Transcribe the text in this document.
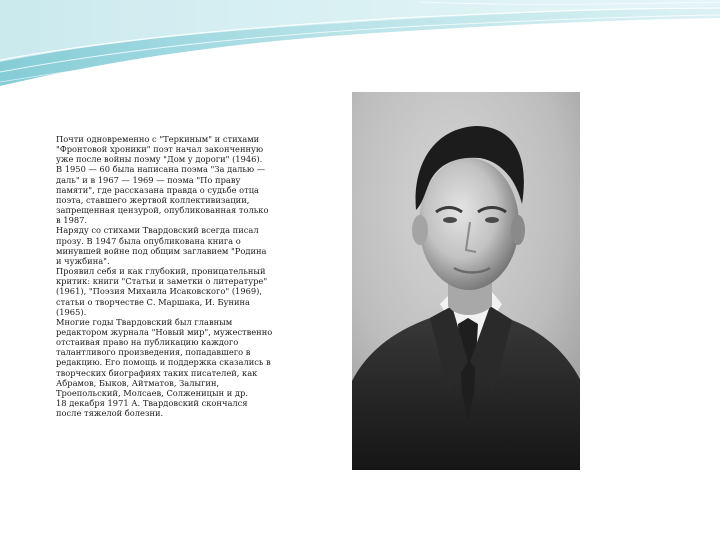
Почти одновременно с "Теркиным" и стихами "Фронтовой хроники" поэт начал законченную уже после войны поэму "Дом у дороги" (1946).

В 1950 — 60 была написана поэма "За далью — даль" и в 1967 — 1969 — поэма "По праву памяти", где рассказана правда о судьбе отца поэта, ставшего жертвой коллективизации, запрещенная цензурой, опубликованная только в 1987.

Наряду со стихами Твардовский всегда писал прозу. В 1947 была опубликована книга о минувшей войне под общим заглавием "Родина и чужбина".

Проявил себя и как глубокий, проницательный критик: книги "Статьи и заметки о литературе" (1961), "Поэзия Михаила Исаковского" (1969), статьи о творчестве С. Маршака, И. Бунина (1965).

Многие годы Твардовский был главным редактором журнала "Новый мир", мужественно отстаивая право на публикацию каждого талантливого произведения, попадавшего в редакцию. Его помощь и поддержка сказались в творческих биографиях таких писателей, как Абрамов, Быков, Айтматов, Залыгин, Троепольский, Молсаев, Солженицын и др.

18 декабря 1971 А. Твардовский скончался после тяжелой болезни.
